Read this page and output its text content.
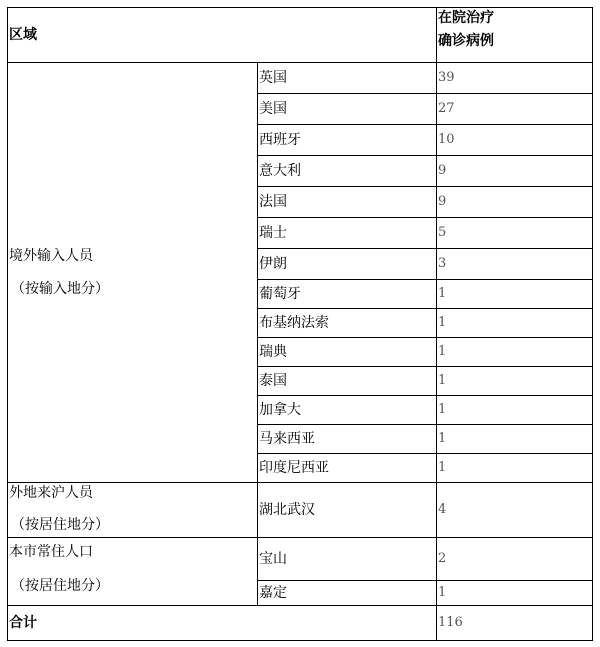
区域		在院治疗
确诊病例

境外输入人员
（按输入地分）	英国	39
	美国	27
	西班牙	10
	意大利	9
	法国	9
	瑞士	5
	伊朗	3
	葡萄牙	1
	布基纳法索	1
	瑞典	1
	泰国	1
	加拿大	1
	马来西亚	1
	印度尼西亚	1

外地来沪人员
（按居住地分）	湖北武汉	4

本市常住人口
（按居住地分）	宝山	2
	嘉定	1
合计		116
